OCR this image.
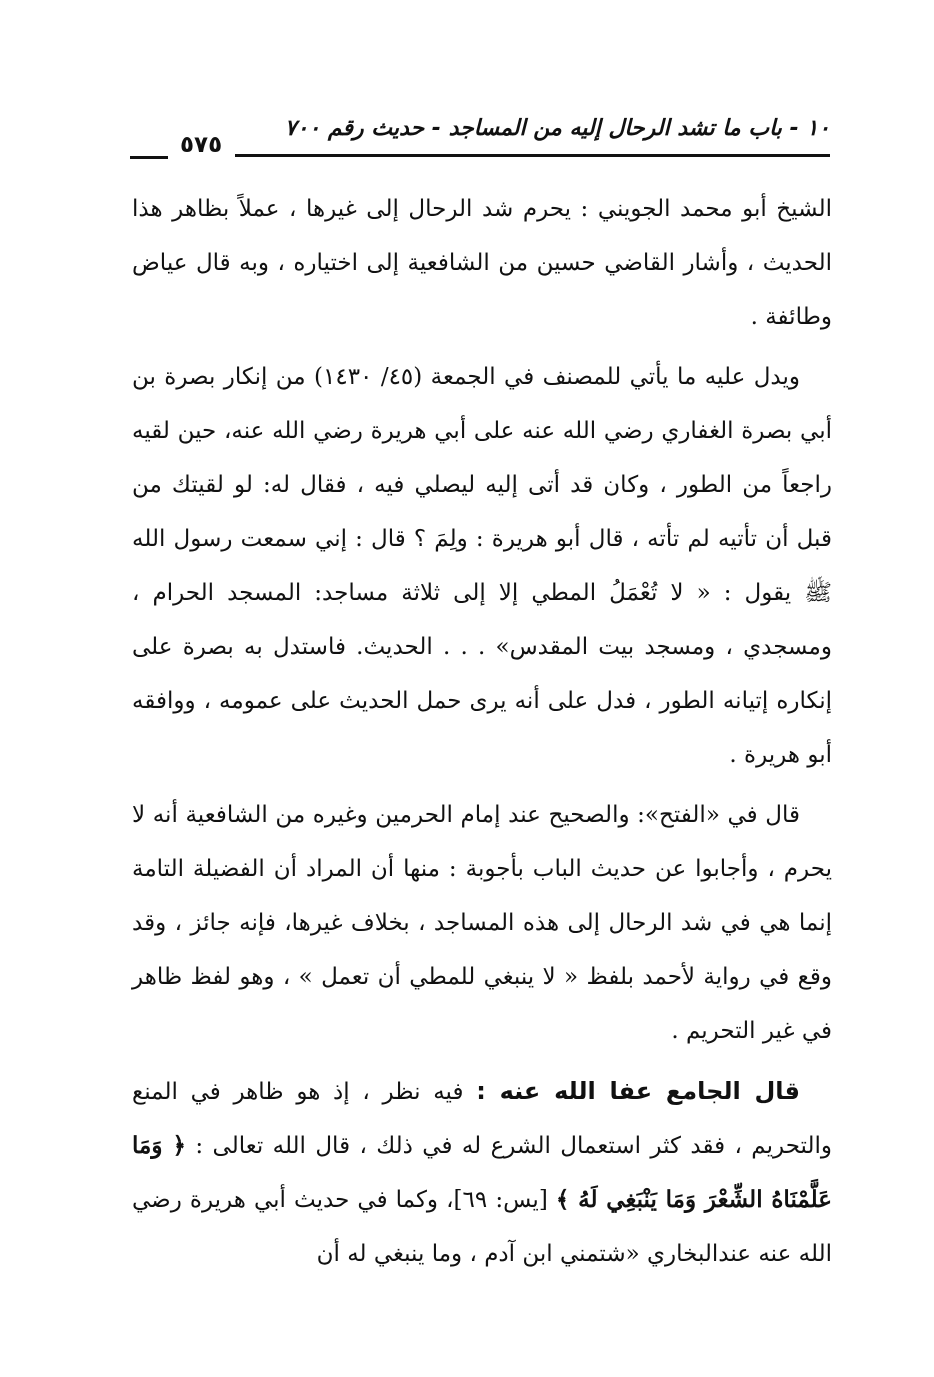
١٠ - باب ما تشد الرحال إليه من المساجد - حديث رقم ٧٠٠
٥٧٥

الشيخ أبو محمد الجويني : يحرم شد الرحال إلى غيرها ، عملاً بظاهر هذا الحديث ، وأشار القاضي حسين من الشافعية إلى اختياره ، وبه قال عياض وطائفة .

ويدل عليه ما يأتي للمصنف في الجمعة (٤٥/ ١٤٣٠) من إنكار بصرة بن أبي بصرة الغفاري رضي الله عنه على أبي هريرة رضي الله عنه، حين لقيه راجعاً من الطور ، وكان قد أتى إليه ليصلي فيه ، فقال له: لو لقيتك من قبل أن تأتيه لم تأته ، قال أبو هريرة : ولِمَ ؟ قال : إني سمعت رسول الله ﷺ يقول : « لا تُعْمَلُ المطي إلا إلى ثلاثة مساجد: المسجد الحرام ، ومسجدي ، ومسجد بيت المقدس» . . . الحديث. فاستدل به بصرة على إنكاره إتيانه الطور ، فدل على أنه يرى حمل الحديث على عمومه ، ووافقه أبو هريرة .

قال في «الفتح»: والصحيح عند إمام الحرمين وغيره من الشافعية أنه لا يحرم ، وأجابوا عن حديث الباب بأجوبة : منها أن المراد أن الفضيلة التامة إنما هي في شد الرحال إلى هذه المساجد ، بخلاف غيرها، فإنه جائز ، وقد وقع في رواية لأحمد بلفظ « لا ينبغي للمطي أن تعمل » ، وهو لفظ ظاهر في غير التحريم .

قال الجامع عفا الله عنه : فيه نظر ، إذ هو ظاهر في المنع والتحريم ، فقد كثر استعمال الشرع له في ذلك ، قال الله تعالى : ﴿ وَمَا عَلَّمْنَاهُ الشِّعْرَ وَمَا يَنْبَغِي لَهُ ﴾ [يس: ٦٩]، وكما في حديث أبي هريرة رضي الله عنه عندالبخاري «شتمني ابن آدم ، وما ينبغي له أن
